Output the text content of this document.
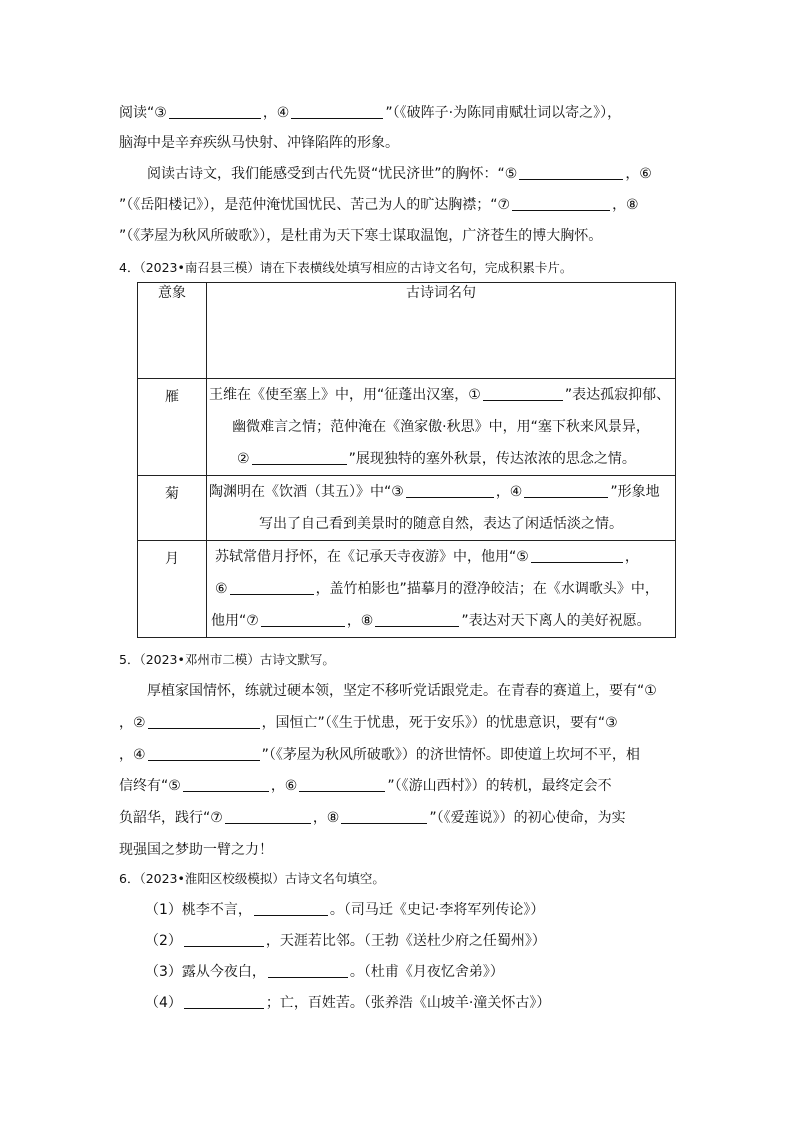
阅读“③	，④	”（《破阵子·为陈同甫赋壮词以寄之》），
脑海中是辛弃疾纵马快射、冲锋陷阵的形象。
阅读古诗文，我们能感受到古代先贤“忧民济世”的胸怀：“⑤	，⑥
”（《岳阳楼记》），是范仲淹忧国忧民、苦己为人的旷达胸襟；“⑦	，⑧
”（《茅屋为秋风所破歌》），是杜甫为天下寒士谋取温饱，广济苍生的博大胸怀。
4．（2023•南召县三模）请在下表横线处填写相应的古诗文名句，完成积累卡片。
意象	古诗词名句
雁	王维在《使至塞上》中，用“征蓬出汉塞，① ”表达孤寂抑郁、
幽微难言之情；范仲淹在《渔家傲·秋思》中，用“塞下秋来风景异，
② ”展现独特的塞外秋景，传达浓浓的思念之情。

菊	陶渊明在《饮酒（其五）》中“③ ，④ ”形象地
写出了自己看到美景时的随意自然，表达了闲适恬淡之情。

月	苏轼常借月抒怀，在《记承天寺夜游》中，他用“⑤ ，
⑥ ，盖竹柏影也”描摹月的澄净皎洁；在《水调歌头》中，
他用“⑦ ，⑧ ”表达对天下离人的美好祝愿。
5．（2023•邓州市二模）古诗文默写。
厚植家国情怀，练就过硬本领，坚定不移听党话跟党走。在青春的赛道上，要有“①
，②	，国恒亡”（《生于忧患，死于安乐》）的忧患意识，要有“③
，④	”（《茅屋为秋风所破歌》）的济世情怀。即使道上坎坷不平，相
信终有“⑤	，⑥	”（《游山西村》）的转机，最终定会不
负韶华，践行“⑦	，⑧	”（《爱莲说》）的初心使命，为实
现强国之梦助一臂之力！
6．（2023•淮阳区校级模拟）古诗文名句填空。
（1）桃李不言，	。（司马迁《史记·李将军列传论》）
（2）	，天涯若比邻。（王勃《送杜少府之任蜀州》）
（3）露从今夜白，	。（杜甫《月夜忆舍弟》）
（4）	；亡，百姓苦。（张养浩《山坡羊·潼关怀古》）
